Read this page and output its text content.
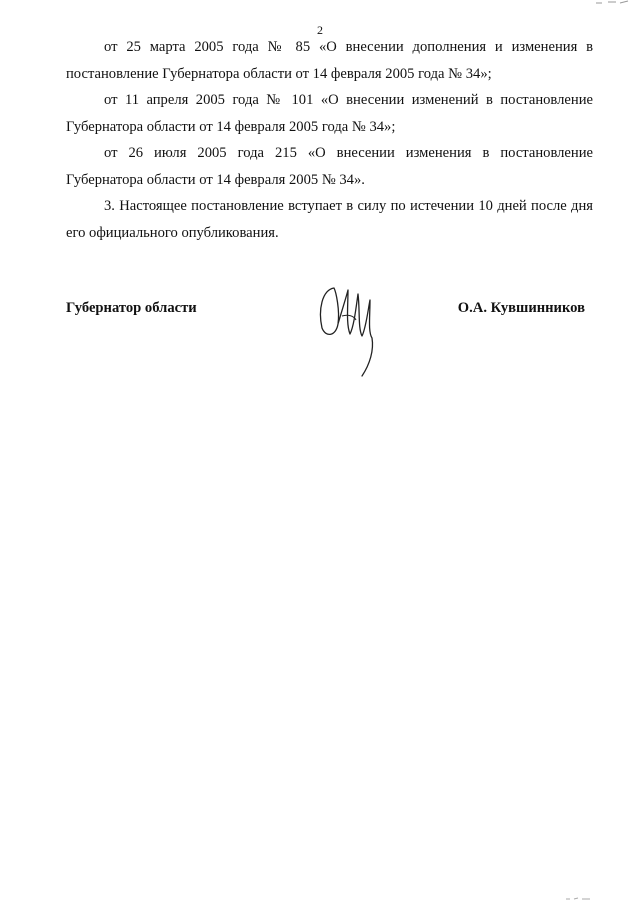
2

от 25 марта 2005 года № 85 «О внесении дополнения и изменения в постановление Губернатора области от 14 февраля 2005 года № 34»;

от 11 апреля 2005 года № 101 «О внесении изменений в постановление Губернатора области от 14 февраля 2005 года № 34»;

от 26 июля 2005 года 215 «О внесении изменения в постановление Губернатора области от 14 февраля 2005 № 34».

3. Настоящее постановление вступает в силу по истечении 10 дней после дня его официального опубликования.

Губернатор области	О.А. Кувшинников
